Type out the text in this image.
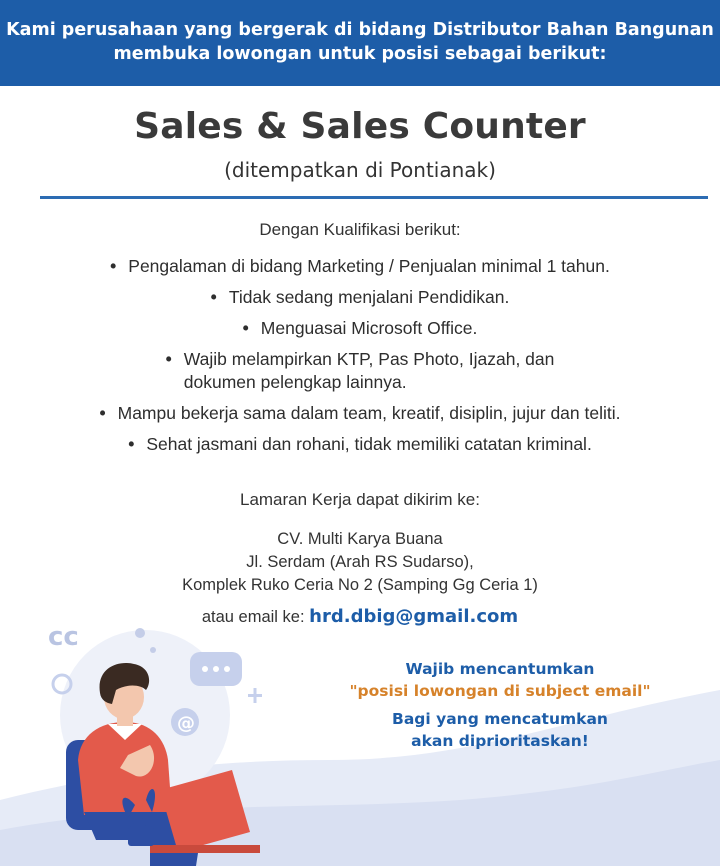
Kami perusahaan yang bergerak di bidang Distributor Bahan Bangunan
membuka lowongan untuk posisi sebagai berikut:
Sales & Sales Counter
(ditempatkan di Pontianak)
Dengan Kualifikasi berikut:
• Pengalaman di bidang Marketing / Penjualan minimal 1 tahun.
• Tidak sedang menjalani Pendidikan.
• Menguasai Microsoft Office.
• Wajib melampirkan KTP, Pas Photo, Ijazah, dan
dokumen pelengkap lainnya.
• Mampu bekerja sama dalam team, kreatif, disiplin, jujur dan teliti.
• Sehat jasmani dan rohani, tidak memiliki catatan kriminal.
Lamaran Kerja dapat dikirim ke:
CV. Multi Karya Buana
Jl. Serdam (Arah RS Sudarso),
Komplek Ruko Ceria No 2 (Samping Gg Ceria 1)
atau email ke: hrd.dbig@gmail.com
cc
@
Wajib mencantumkan
"posisi lowongan di subject email"
Bagi yang mencatumkan
akan diprioritaskan!
